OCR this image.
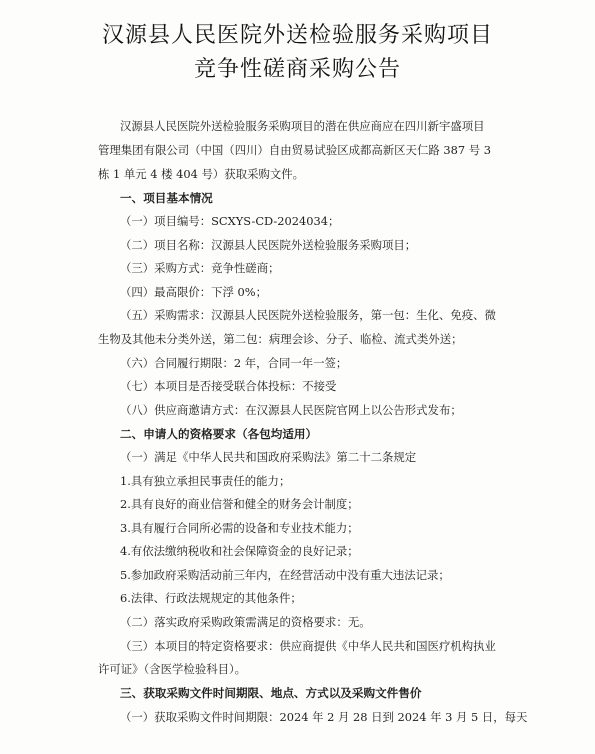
汉源县人民医院外送检验服务采购项目
竞争性磋商采购公告
汉源县人民医院外送检验服务采购项目的潜在供应商应在四川新宇盛项目
管理集团有限公司（中国（四川）自由贸易试验区成都高新区天仁路 387 号 3
栋 1 单元 4 楼 404 号）获取采购文件。
一、项目基本情况
（一）项目编号：SCXYS-CD-2024034；
（二）项目名称：汉源县人民医院外送检验服务采购项目；
（三）采购方式：竞争性磋商；
（四）最高限价：下浮 0%；
（五）采购需求：汉源县人民医院外送检验服务，第一包：生化、免疫、微
生物及其他未分类外送，第二包：病理会诊、分子、临检、流式类外送；
（六）合同履行期限：2 年，合同一年一签；
（七）本项目是否接受联合体投标：不接受
（八）供应商邀请方式：在汉源县人民医院官网上以公告形式发布；
二、申请人的资格要求（各包均适用）
（一）满足《中华人民共和国政府采购法》第二十二条规定
1.具有独立承担民事责任的能力；
2.具有良好的商业信誉和健全的财务会计制度；
3.具有履行合同所必需的设备和专业技术能力；
4.有依法缴纳税收和社会保障资金的良好记录；
5.参加政府采购活动前三年内，在经营活动中没有重大违法记录；
6.法律、行政法规规定的其他条件；
（二）落实政府采购政策需满足的资格要求：无。
（三）本项目的特定资格要求：供应商提供《中华人民共和国医疗机构执业
许可证》（含医学检验科目）。
三、获取采购文件时间期限、地点、方式以及采购文件售价
（一）获取采购文件时间期限：2024 年 2 月 28 日到 2024 年 3 月 5 日，每天
